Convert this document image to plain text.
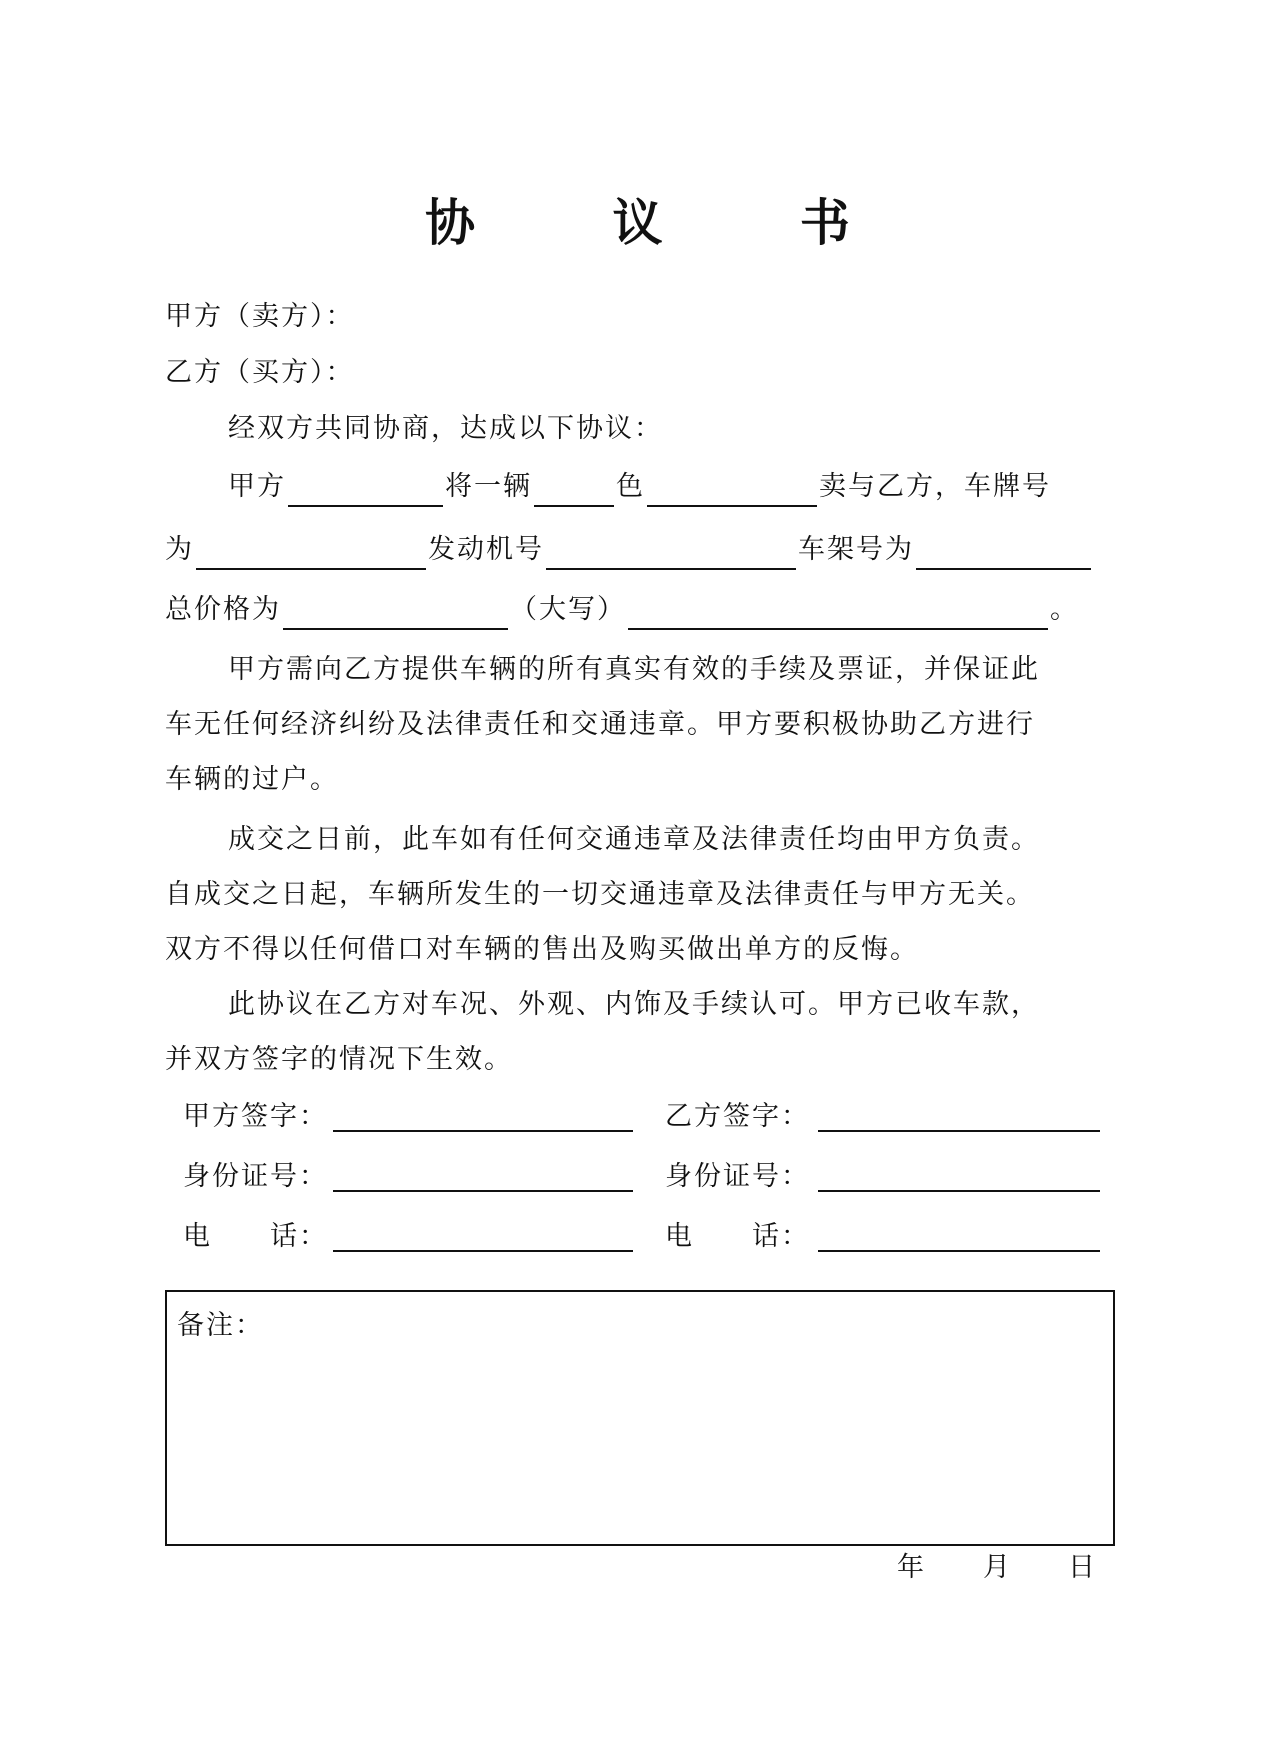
协 议 书
甲方（卖方）：
乙方（买方）：
经双方共同协商，达成以下协议：
甲方	将一辆	色	卖与乙方，车牌号
为	发动机号	车架号为
总价格为	（大写）	。
甲方需向乙方提供车辆的所有真实有效的手续及票证，并保证此
车无任何经济纠纷及法律责任和交通违章。甲方要积极协助乙方进行
车辆的过户。
成交之日前，此车如有任何交通违章及法律责任均由甲方负责。
自成交之日起，车辆所发生的一切交通违章及法律责任与甲方无关。
双方不得以任何借口对车辆的售出及购买做出单方的反悔。
此协议在乙方对车况、外观、内饰及手续认可。甲方已收车款，
并双方签字的情况下生效。
甲方签字：	乙方签字：
身份证号：	身份证号：
电　　话：	电　　话：
备注：
年 月 日
